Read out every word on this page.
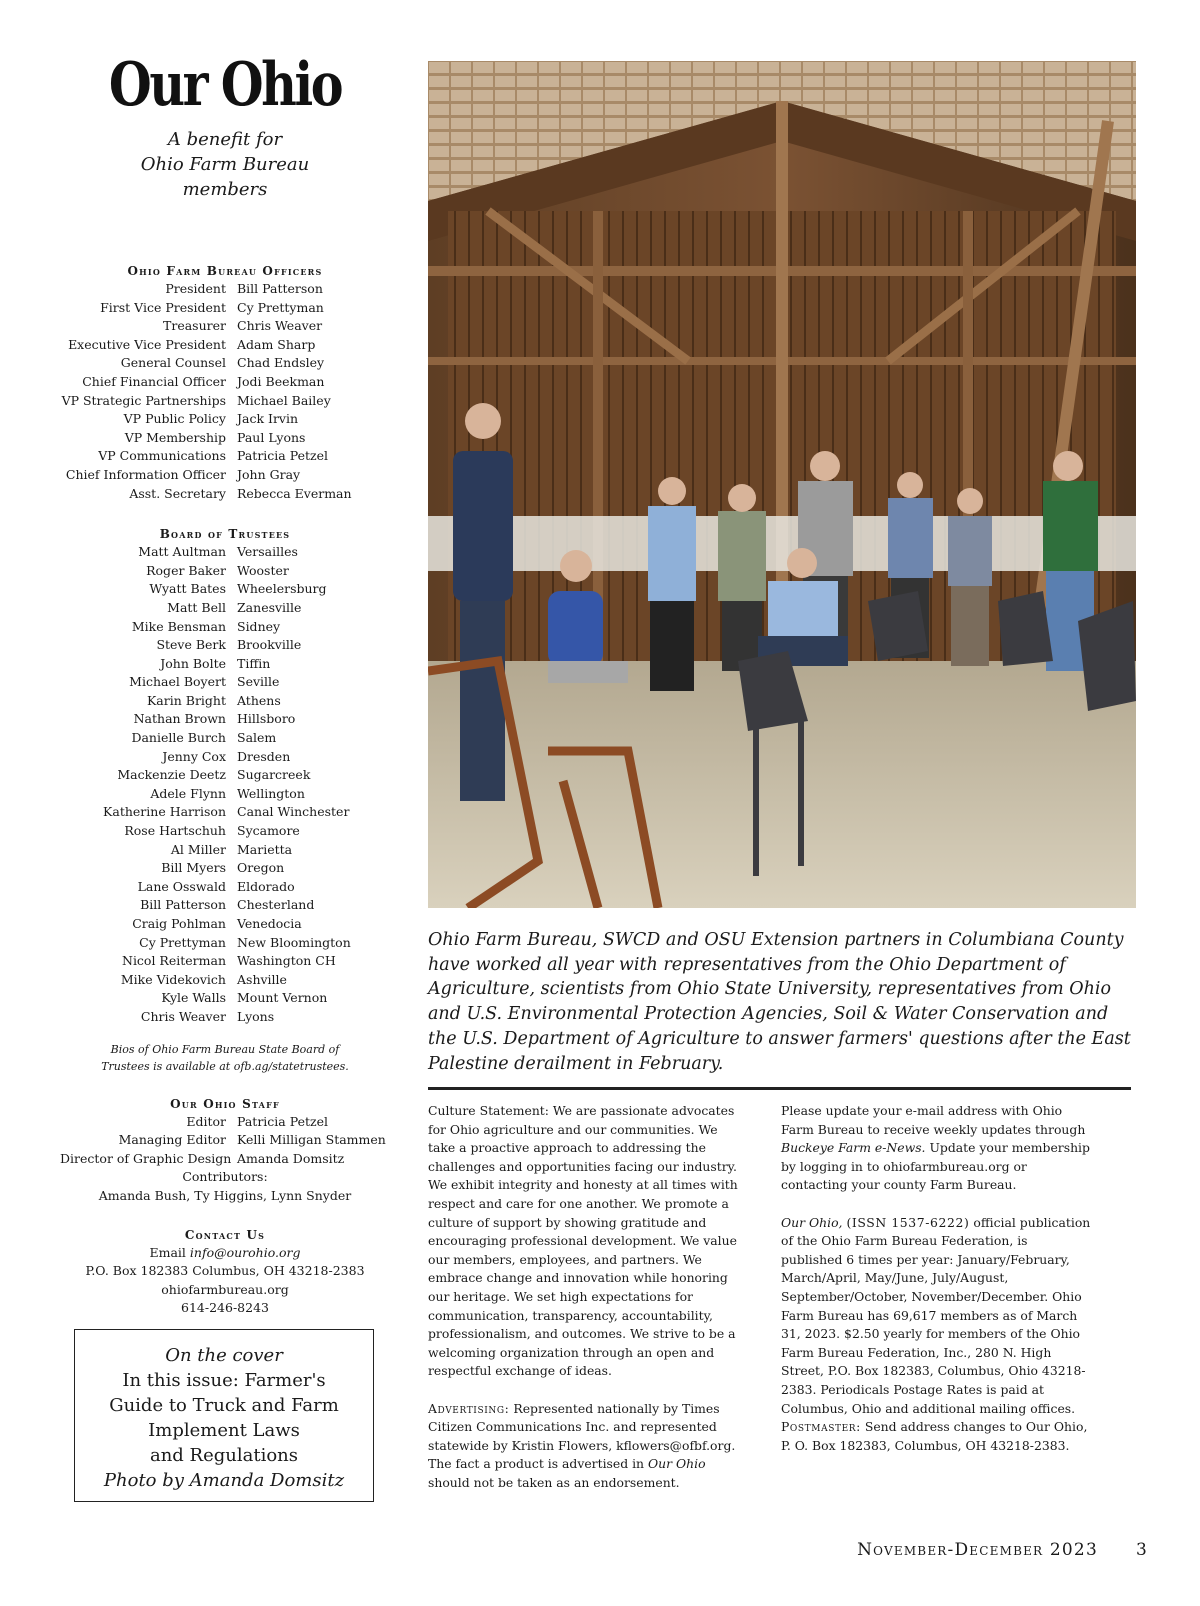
Our Ohio
A benefit for
Ohio Farm Bureau
members
Ohio Farm Bureau Officers
President Bill Patterson
First Vice President Cy Prettyman
Treasurer Chris Weaver
Executive Vice President Adam Sharp
General Counsel Chad Endsley
Chief Financial Officer Jodi Beekman
VP Strategic Partnerships Michael Bailey
VP Public Policy Jack Irvin
VP Membership Paul Lyons
VP Communications Patricia Petzel
Chief Information Officer John Gray
Asst. Secretary Rebecca Everman
Board of Trustees
Matt Aultman Versailles
Roger Baker Wooster
Wyatt Bates Wheelersburg
Matt Bell Zanesville
Mike Bensman Sidney
Steve Berk Brookville
John Bolte Tiffin
Michael Boyert Seville
Karin Bright Athens
Nathan Brown Hillsboro
Danielle Burch Salem
Jenny Cox Dresden
Mackenzie Deetz Sugarcreek
Adele Flynn Wellington
Katherine Harrison Canal Winchester
Rose Hartschuh Sycamore
Al Miller Marietta
Bill Myers Oregon
Lane Osswald Eldorado
Bill Patterson Chesterland
Craig Pohlman Venedocia
Cy Prettyman New Bloomington
Nicol Reiterman Washington CH
Mike Videkovich Ashville
Kyle Walls Mount Vernon
Chris Weaver Lyons
Bios of Ohio Farm Bureau State Board of
Trustees is available at ofb.ag/statetrustees.
Our Ohio Staff
Editor Patricia Petzel
Managing Editor Kelli Milligan Stammen
Director of Graphic Design Amanda Domsitz
Contributors:
Amanda Bush, Ty Higgins, Lynn Snyder
Contact Us
Email info@ourohio.org
P.O. Box 182383 Columbus, OH 43218-2383
ohiofarmbureau.org
614-246-8243
On the cover
In this issue: Farmer's
Guide to Truck and Farm
Implement Laws
and Regulations
Photo by Amanda Domsitz
Ohio Farm Bureau, SWCD and OSU Extension partners in Columbiana County have worked all year with representatives from the Ohio Department of Agriculture, scientists from Ohio State University, representatives from Ohio and U.S. Environmental Protection Agencies, Soil & Water Conservation and the U.S. Department of Agriculture to answer farmers' questions after the East Palestine derailment in February.

Culture Statement: We are passionate advocates for Ohio agriculture and our communities. We take a proactive approach to addressing the challenges and opportunities facing our industry. We exhibit integrity and honesty at all times with respect and care for one another. We promote a culture of support by showing gratitude and encouraging professional development. We value our members, employees, and partners. We embrace change and innovation while honoring our heritage. We set high expectations for communication, transparency, accountability, professionalism, and outcomes. We strive to be a welcoming organization through an open and respectful exchange of ideas.

Advertising: Represented nationally by Times Citizen Communications Inc. and represented statewide by Kristin Flowers, kflowers@ofbf.org. The fact a product is advertised in Our Ohio should not be taken as an endorsement.

Please update your e-mail address with Ohio Farm Bureau to receive weekly updates through Buckeye Farm e-News. Update your membership by logging in to ohiofarmbureau.org or contacting your county Farm Bureau.

Our Ohio, (ISSN 1537-6222) official publication of the Ohio Farm Bureau Federation, is published 6 times per year: January/February, March/April, May/June, July/August, September/October, November/December. Ohio Farm Bureau has 69,617 members as of March 31, 2023. $2.50 yearly for members of the Ohio Farm Bureau Federation, Inc., 280 N. High Street, P.O. Box 182383, Columbus, Ohio 43218-2383. Periodicals Postage Rates is paid at Columbus, Ohio and additional mailing offices. Postmaster: Send address changes to Our Ohio, P. O. Box 182383, Columbus, OH 43218-2383.

November-December 2023 3
